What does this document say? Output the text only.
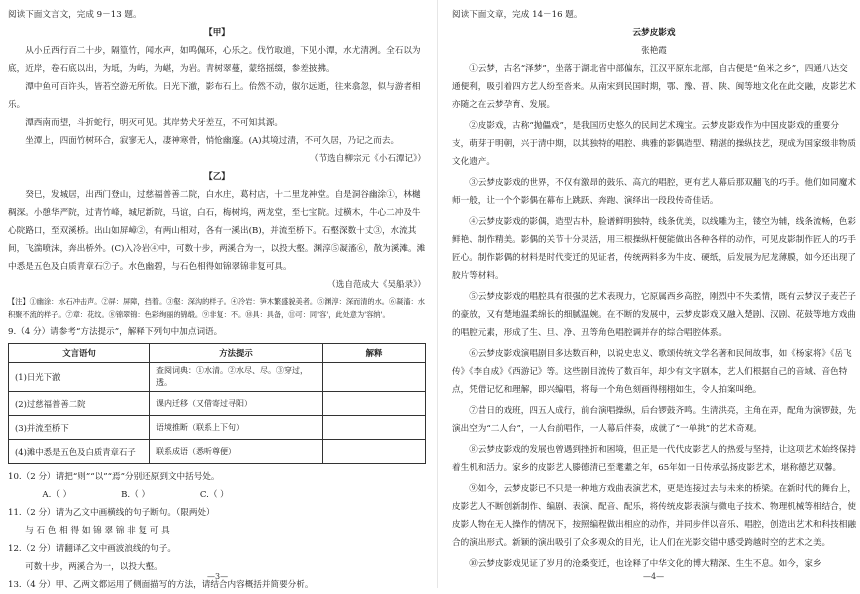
阅读下面文言文，完成 9－13 题。

【甲】

从小丘西行百二十步，隔篁竹，闻水声，如鸣佩环，心乐之。伐竹取道，下见小潭，水尤清冽。全石以为底，近岸，卷石底以出，为坻，为屿，为嵁，为岩。青树翠蔓，蒙络摇缀，参差披拂。

潭中鱼可百许头，皆若空游无所依。日光下澈，影布石上。佁然不动，俶尔远逝，往来翕忽，似与游者相乐。

潭西南而望，斗折蛇行，明灭可见。其岸势犬牙差互，不可知其源。

坐潭上，四面竹树环合，寂寥无人，凄神寒骨，悄怆幽邃。(A)其境过清，不可久居，乃记之而去。

（节选自柳宗元《小石潭记》）

【乙】

癸巳，发城居，出西门登山，过慈福普善二院，白水庄，葛村店，十二里龙神堂。自是洞谷幽涂①，林樾稠深。小憩华严院，过青竹峰，城尼新院，马谊，白石，梅树坞，两龙堂，至七宝院。过横木，牛心二冲及牛心院路口，至双溪桥。出山如屏嶂②，有两山相对，各有一溪出(B)，并流至桥下。石壑深数十丈③，水流其间，飞湍喷沫，奔出桥外。(C)入冷岩④中，可数十步，两溪合为一，以投大壑。渊淳⑤凝滀⑥，散为溪滩。滩中悉是五色及白质青章石⑦子。水色幽碧，与石色相得如锦翠锦非复可具。

（选自范成大《吴船录》）

【注】①幽涂：水石冲击声。②屏：屏障，挡着。③壑：深沟的样子。④冷岩：笋木繁盛貌美者。⑤渊淳：深而清的水。⑥凝滀：水积聚不流的样子。⑦章：花纹。⑧锦翠锦：色彩绚丽的锦缎。⑨非复：不。⑩具：具备，⑪可：同'容'，此处意为'容纳'。

9.（4 分）请参考“方法提示”，解释下列句中加点词语。

文言语句	方法提示	解释
(1)日光下澈	查阅词典：①水清。②水尽、尽。③穿过，透。	
(2)过慈福普善二院	课内迁移（又借寄过寻阳）	
(3)并流至桥下	语境推断（联系上下句）	
(4)滩中悉是五色及白质青章石子	联系成语（悉听尊便）	

10.（2 分）请把“则”“以”“焉”分别还原到文中括号处。

A.（ ）	B.（ ）	C.（ ）

11.（2 分）请为乙文中画横线的句子断句。（限两处）

与 石 色 相 得 如 锦 翠 锦 非 复 可 具

12.（2 分）请翻译乙文中画波浪线的句子。

可数十步，两溪合为一，以投大壑。

13.（4 分）甲、乙两文都运用了侧面描写的方法，请结合内容概括并简要分析。

—3—

阅读下面文章，完成 14－16 题。

云梦皮影戏

张艳霞

①云梦，古名“泽梦”，坐落于湖北省中部偏东，江汉平原东北部，自古便是“鱼米之乡”，四通八达交通便利，吸引着四方艺人纷至沓来。从南宋到民国时期，鄂、豫、晋、陕、闽等地文化在此交融，皮影艺术亦随之在云梦孕育、发展。

②皮影戏，古称“抛儡戏”，是我国历史悠久的民间艺术瑰宝。云梦皮影戏作为中国皮影戏的重要分支，萌芽于明朝，兴于清中期，以其独特的唱腔、典雅的影偶造型、精湛的操纵技艺，现成为国家级非物质文化遗产。

③云梦皮影戏的世界，不仅有激昂的鼓乐、高亢的唱腔，更有艺人幕后那双翻飞的巧手。他们如同魔术师一般，让一个个影偶在幕布上跳跃、奔跑、演绎出一段段传奇佳话。

④云梦皮影戏的影偶，造型古朴，脸谱鲜明独特，线条优美，以线雕为主，镂空为辅，线条流畅，色彩鲜艳、制作精美。影偶的关节十分灵活，用三根操纵杆便能做出各种各样的动作，可见皮影制作匠人的巧手匠心。制作影偶的材料是时代变迁的见证者，传统两料多为牛皮、硬纸，后发展为尼龙薄膜，如今还出现了胶片等材料。

⑤云梦皮影戏的唱腔具有很强的艺术表现力，它原属西乡高腔，刚烈中不失柔情，既有云梦汉子麦芒子的豪放，又有楚地温柔绵长的细腻温婉。在不断的发展中，云梦皮影戏又融入楚剧、汉剧、花鼓等地方戏曲的唱腔元素，形成了生、旦、净、丑等角色唱腔调并存的综合唱腔体系。

⑥云梦皮影戏演唱剧目多达数百种，以说史忠义、歌颂传统文学名著和民间故事，如《杨家将》《岳飞传》《李自成》《西游记》等。这些剧目流传了数百年，却少有文字剧本，艺人们根据自己的音域、音色特点，凭借记忆和理解，即兴编唱，将每一个角色刻画得栩栩如生，令人拍案叫绝。

⑦昔日的戏班，四五人成行，前台演唱操纵，后台锣鼓齐鸣。生清洪亮，主角在弄，配角为演锣鼓，先演出空为“二人台”，一人台前唱作，一人幕后伴奏，成就了“一单挑”的艺术奇观。

⑧云梦皮影戏的发展也曾遇到挫折和困境，但正是一代代皮影艺人的热爱与坚持，让这项艺术始终保持着生机和活力。家乡的皮影艺人滕德清已至耄耋之年，65年如一日传承弘扬皮影艺术，堪称德艺双馨。

⑨如今，云梦皮影已不只是一种地方戏曲表演艺术，更是连接过去与未来的桥梁。在新时代的舞台上，皮影艺人不断创新制作、编剧、表演、配音、配乐，将传统皮影表演与微电子技术、物理机械等相结合，使皮影人物在无人操作的情况下，按照编程做出相应的动作，并同步伴以音乐、唱腔，创造出艺术和科技相融合的演出形式。新颖的演出吸引了众多观众的目光，让人们在光影交错中感受跨越时空的艺术之美。

⑩云梦皮影戏见证了岁月的沧桑变迁，也诠释了中华文化的博大精深、生生不息。如今，家乡

—4—
